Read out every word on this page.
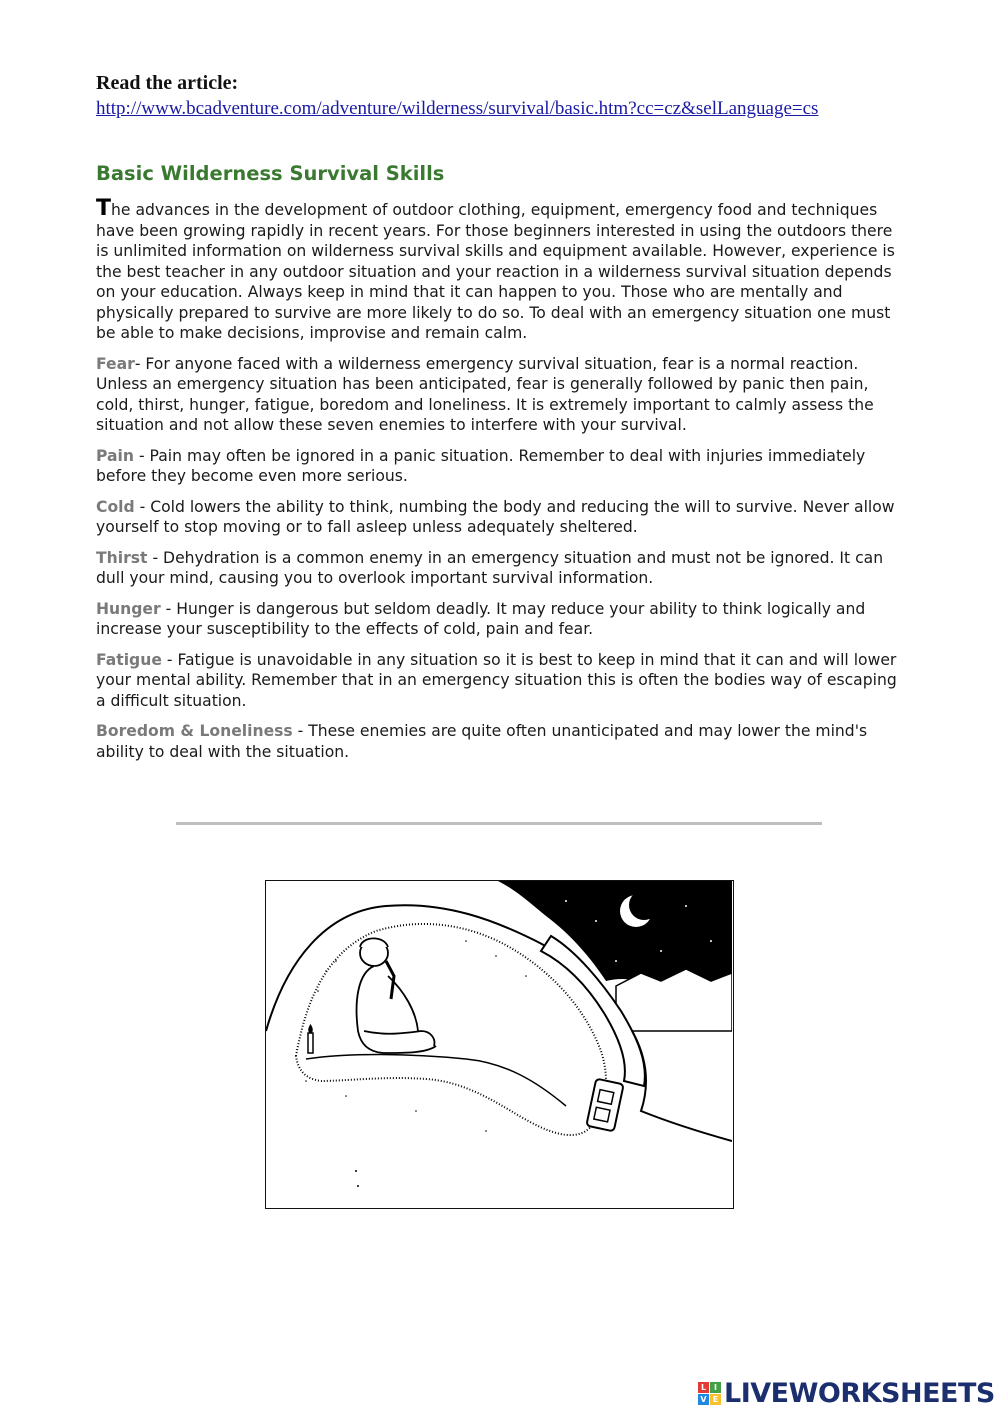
Read the article:
http://www.bcadventure.com/adventure/wilderness/survival/basic.htm?cc=cz&selLanguage=cs
Basic Wilderness Survival Skills

The advances in the development of outdoor clothing, equipment, emergency food and techniques have been growing rapidly in recent years. For those beginners interested in using the outdoors there is unlimited information on wilderness survival skills and equipment available. However, experience is the best teacher in any outdoor situation and your reaction in a wilderness survival situation depends on your education. Always keep in mind that it can happen to you. Those who are mentally and physically prepared to survive are more likely to do so. To deal with an emergency situation one must be able to make decisions, improvise and remain calm.

Fear- For anyone faced with a wilderness emergency survival situation, fear is a normal reaction. Unless an emergency situation has been anticipated, fear is generally followed by panic then pain, cold, thirst, hunger, fatigue, boredom and loneliness. It is extremely important to calmly assess the situation and not allow these seven enemies to interfere with your survival.

Pain - Pain may often be ignored in a panic situation. Remember to deal with injuries immediately before they become even more serious.

Cold - Cold lowers the ability to think, numbing the body and reducing the will to survive. Never allow yourself to stop moving or to fall asleep unless adequately sheltered.

Thirst - Dehydration is a common enemy in an emergency situation and must not be ignored. It can dull your mind, causing you to overlook important survival information.

Hunger - Hunger is dangerous but seldom deadly. It may reduce your ability to think logically and increase your susceptibility to the effects of cold, pain and fear.

Fatigue - Fatigue is unavoidable in any situation so it is best to keep in mind that it can and will lower your mental ability. Remember that in an emergency situation this is often the bodies way of escaping a difficult situation.

Boredom & Loneliness - These enemies are quite often unanticipated and may lower the mind's ability to deal with the situation.

L I
V E LIVEWORKSHEETS
